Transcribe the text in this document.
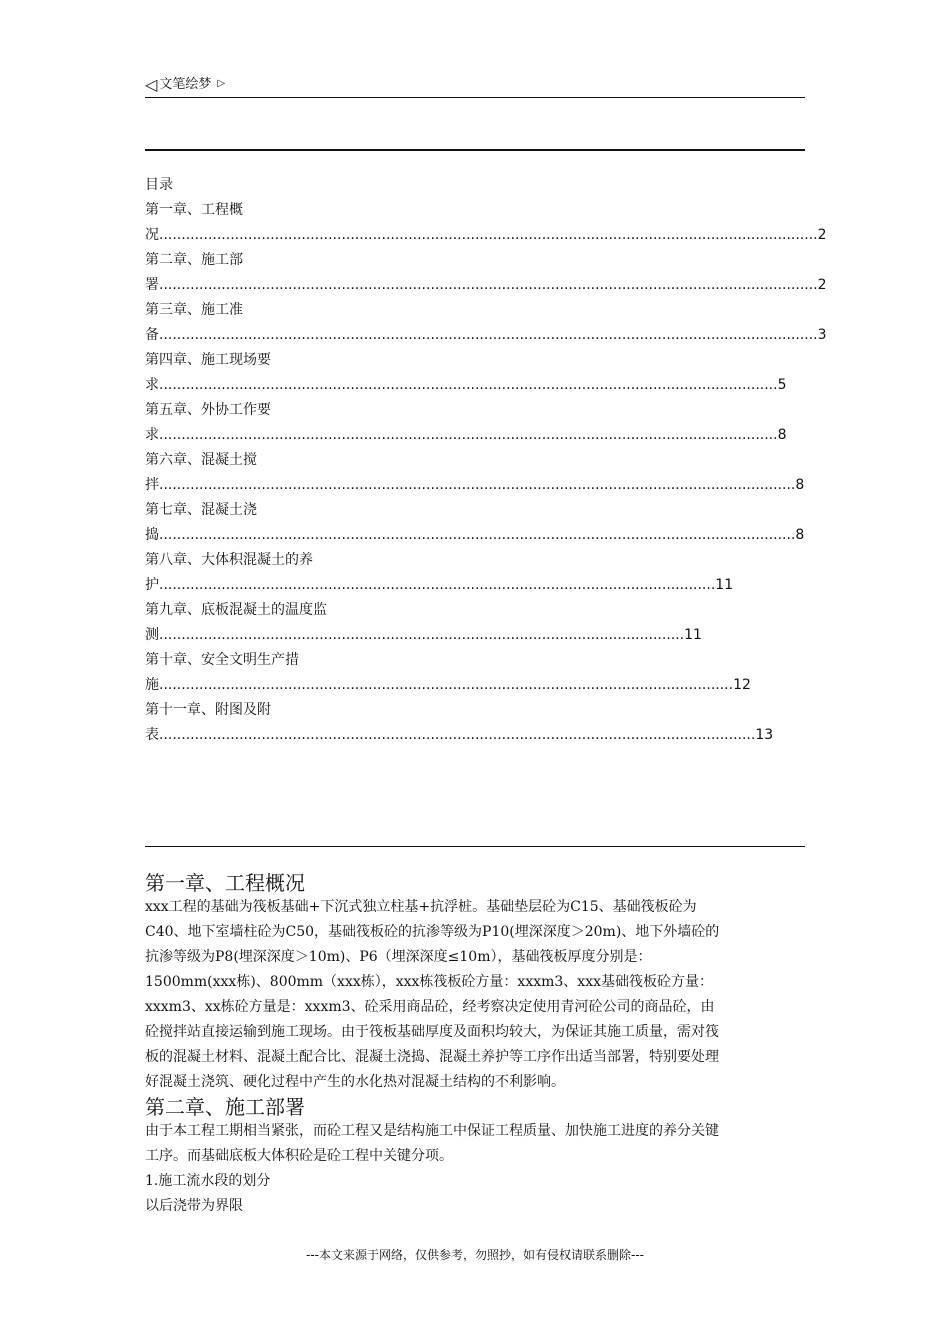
◁ 文笔绘梦 ▷
目录
第一章、工程概
况....................................................................................................................................................2
第二章、施工部
署....................................................................................................................................................2
第三章、施工准
备....................................................................................................................................................3
第四章、施工现场要
求...........................................................................................................................................5
第五章、外协工作要
求...........................................................................................................................................8
第六章、混凝土搅
拌...............................................................................................................................................8
第七章、混凝土浇
捣...............................................................................................................................................8
第八章、大体积混凝土的养
护.............................................................................................................................11
第九章、底板混凝土的温度监
测......................................................................................................................11
第十章、安全文明生产措
施.................................................................................................................................12
第十一章、附图及附
表......................................................................................................................................13
第一章、工程概况
xxx工程的基础为筏板基础+下沉式独立柱基+抗浮桩。基础垫层砼为C15、基础筏板砼为
C40、地下室墙柱砼为C50，基础筏板砼的抗渗等级为P10(埋深深度＞20m)、地下外墙砼的
抗渗等级为P8(埋深深度＞10m)、P6（埋深深度≤10m），基础筏板厚度分别是：
1500mm(xxx栋)、800mm（xxx栋），xxx栋筏板砼方量：xxxm3、xxx基础筏板砼方量：
xxxm3、xx栋砼方量是：xxxm3、砼采用商品砼，经考察决定使用青河砼公司的商品砼，由
砼搅拌站直接运输到施工现场。由于筏板基础厚度及面积均较大，为保证其施工质量，需对筏
板的混凝土材料、混凝土配合比、混凝土浇捣、混凝土养护等工序作出适当部署，特别要处理
好混凝土浇筑、硬化过程中产生的水化热对混凝土结构的不利影响。
第二章、施工部署
由于本工程工期相当紧张，而砼工程又是结构施工中保证工程质量、加快施工进度的养分关键
工序。而基础底板大体积砼是砼工程中关键分项。
1.施工流水段的划分
以后浇带为界限
---本文来源于网络，仅供参考，勿照抄，如有侵权请联系删除---
